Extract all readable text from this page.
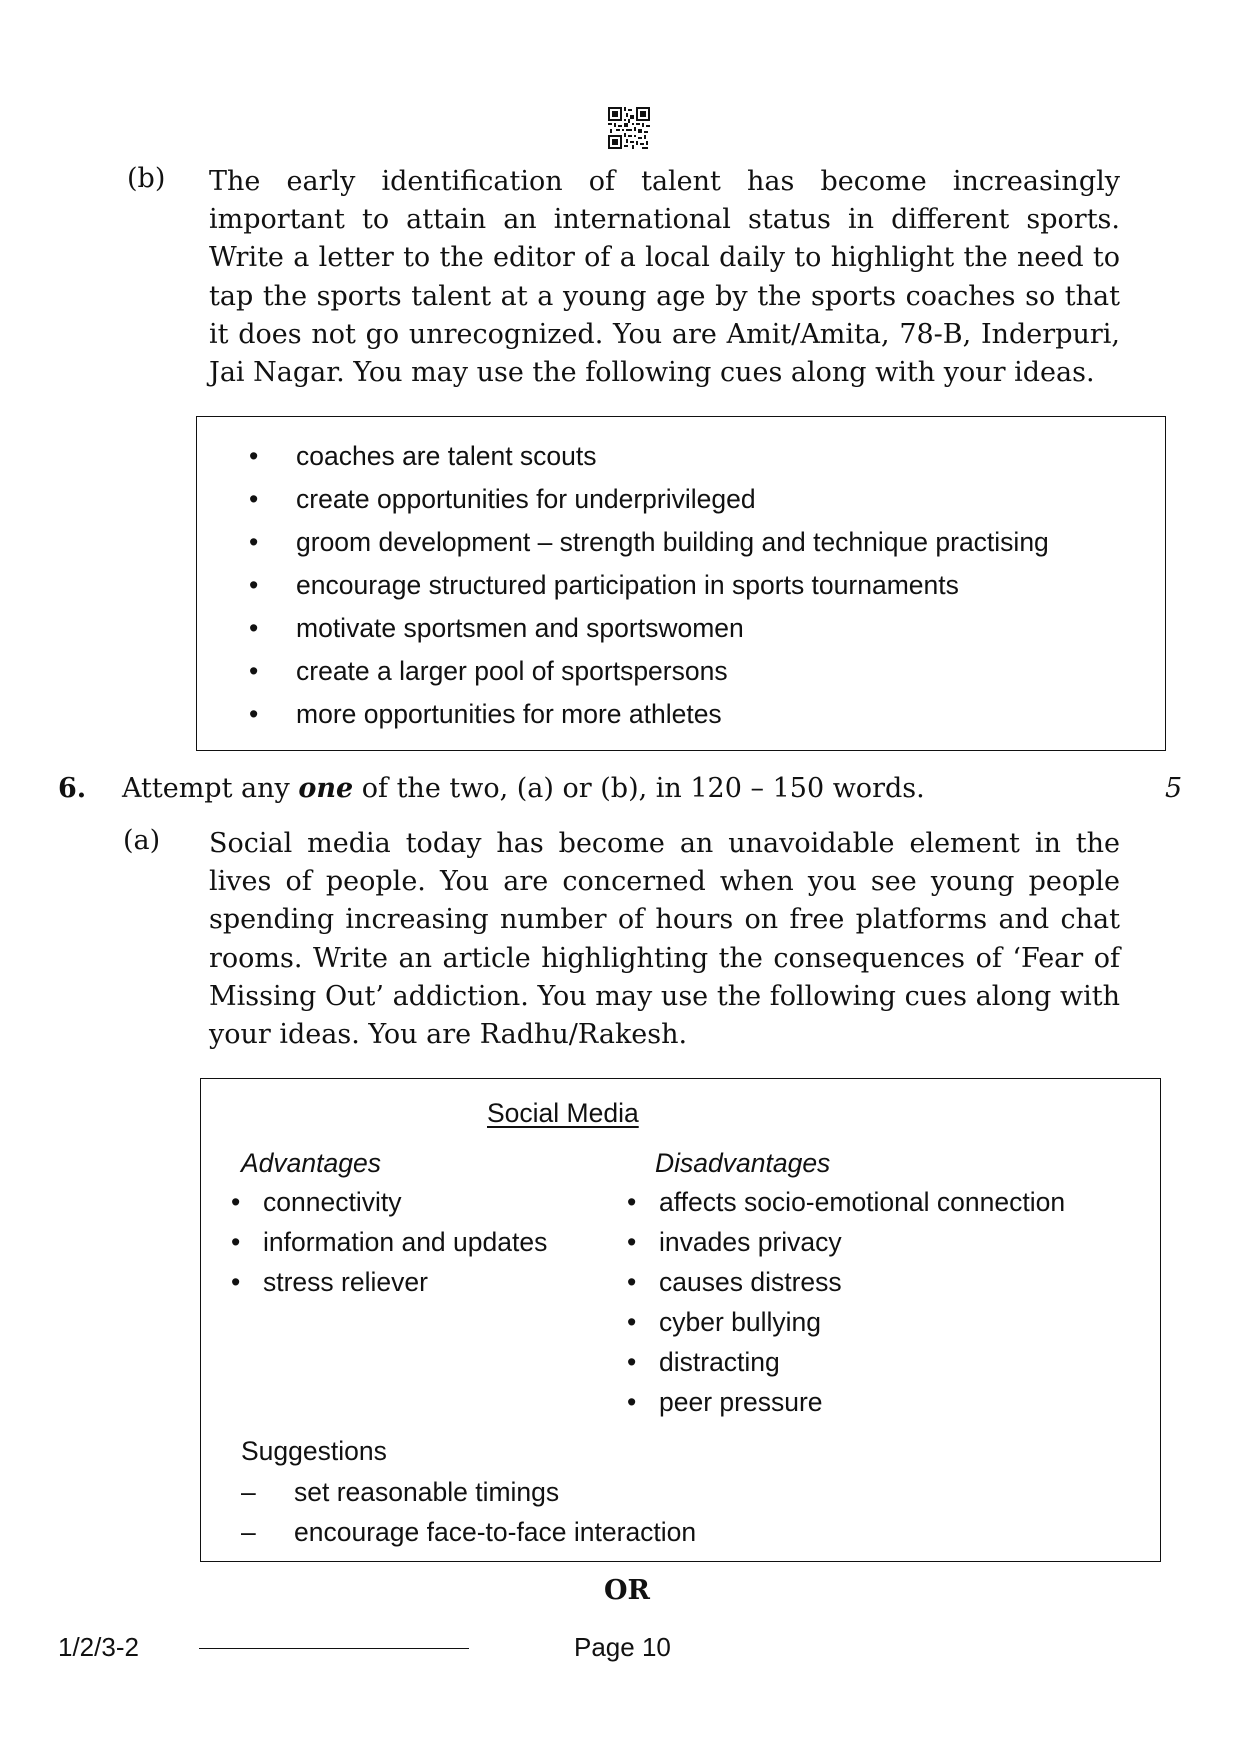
(b) The early identification of talent has become increasingly important to attain an international status in different sports. Write a letter to the editor of a local daily to highlight the need to tap the sports talent at a young age by the sports coaches so that it does not go unrecognized. You are Amit/Amita, 78-B, Inderpuri, Jai Nagar. You may use the following cues along with your ideas.
• coaches are talent scouts
• create opportunities for underprivileged
• groom development – strength building and technique practising
• encourage structured participation in sports tournaments
• motivate sportsmen and sportswomen
• create a larger pool of sportspersons
• more opportunities for more athletes
6. Attempt any one of the two, (a) or (b), in 120 – 150 words.	5
(a) Social media today has become an unavoidable element in the lives of people. You are concerned when you see young people spending increasing number of hours on free platforms and chat rooms. Write an article highlighting the consequences of ‘Fear of Missing Out’ addiction. You may use the following cues along with your ideas. You are Radhu/Rakesh.
Social Media
Advantages
• connectivity
• information and updates
• stress reliever
Disadvantages
• affects socio-emotional connection
• invades privacy
• causes distress
• cyber bullying
• distracting
• peer pressure
Suggestions
– set reasonable timings
– encourage face-to-face interaction
OR
1/2/3-2	Page 10
